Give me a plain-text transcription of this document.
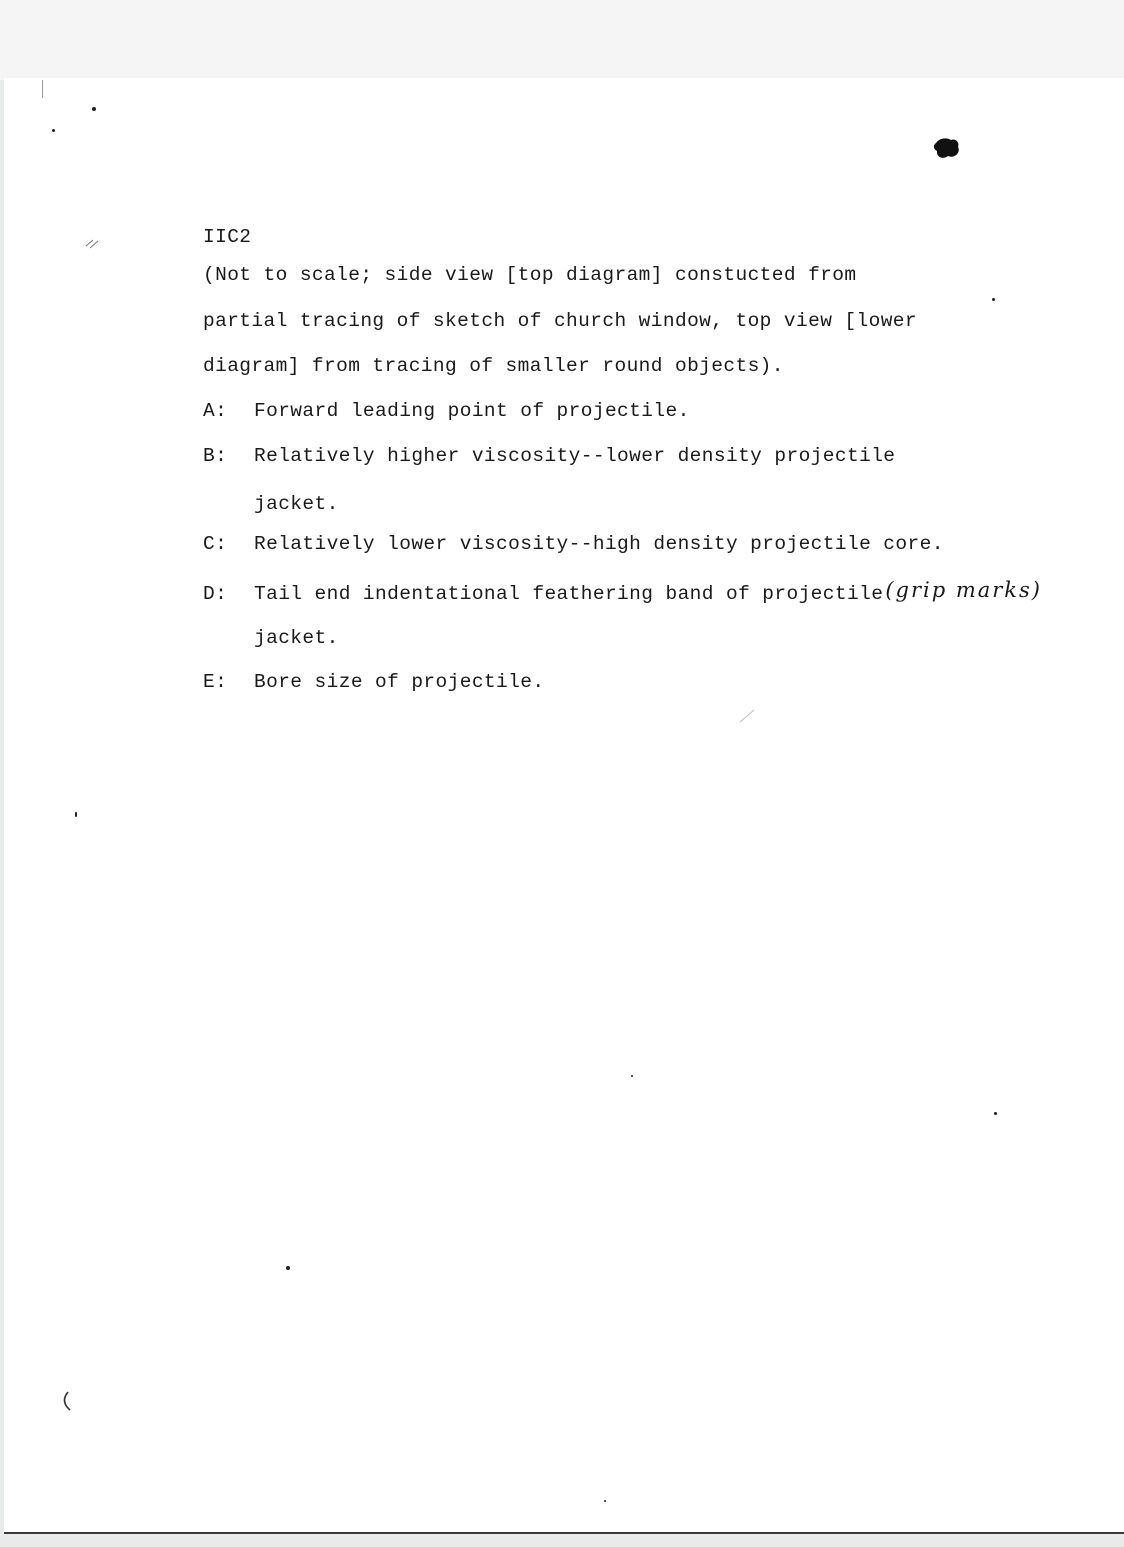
IIC2
(Not to scale; side view [top diagram] constucted from
partial tracing of sketch of church window, top view [lower
diagram] from tracing of smaller round objects).
A: Forward leading point of projectile.
B: Relatively higher viscosity--lower density projectile
jacket.
C: Relatively lower viscosity--high density projectile core.
D: Tail end indentational feathering band of projectile(grip marks)
jacket.
E: Bore size of projectile.
